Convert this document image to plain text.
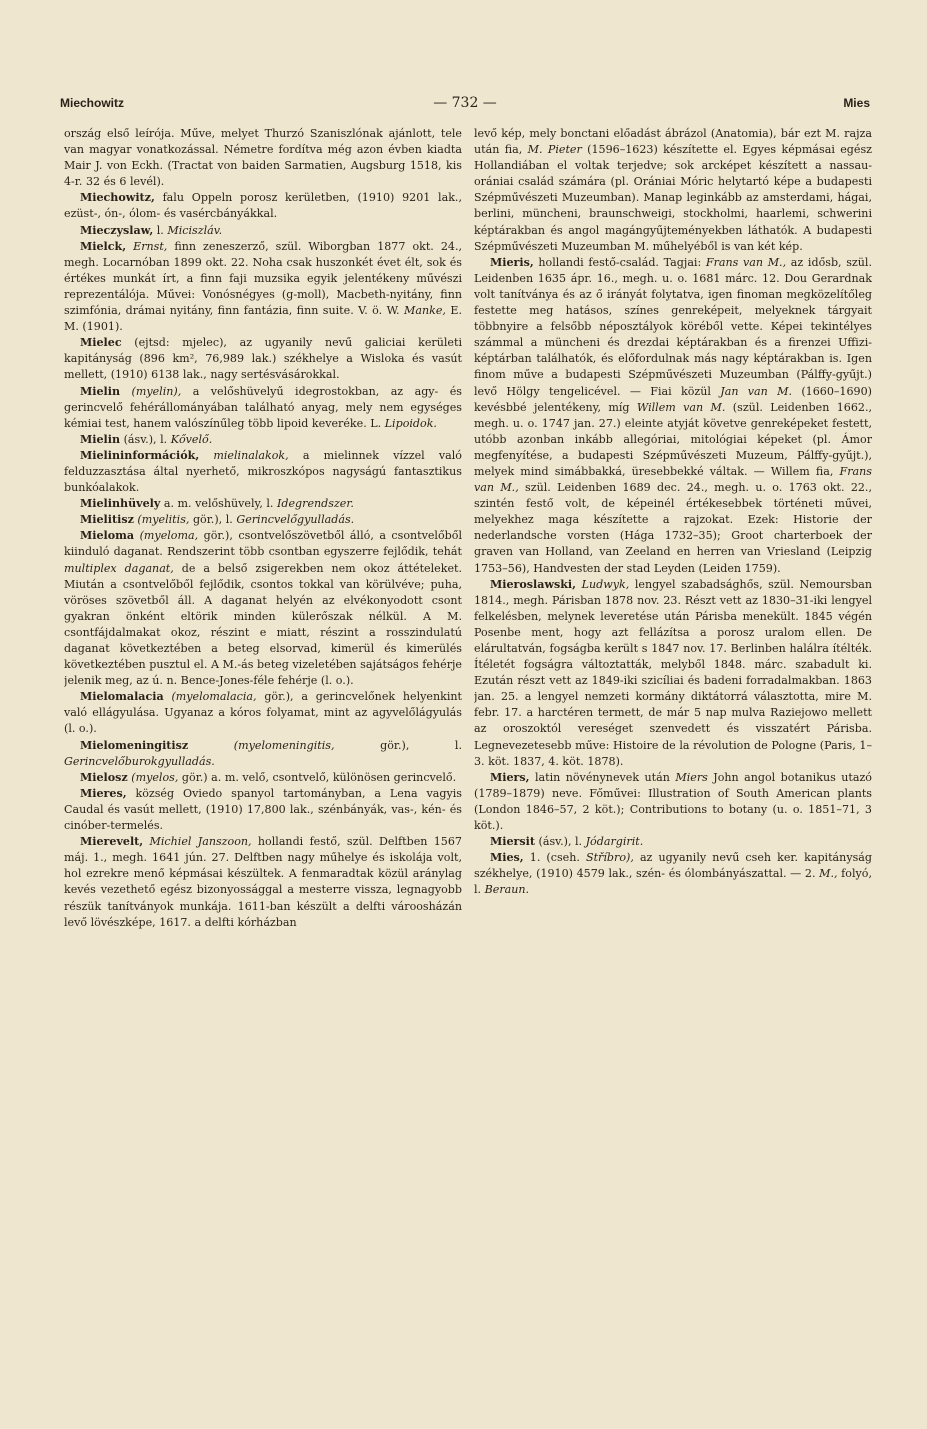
Miechowitz	— 732 —	Mies

ország első leírója. Műve, melyet Thurzó Szaniszlónak ajánlott, tele van magyar vonatkozással. Németre fordítva még azon évben kiadta Mair J. von Eckh. (Tractat von baiden Sarmatien, Augsburg 1518, kis 4-r. 32 és 6 levél).

Miechowitz, falu Oppeln porosz kerületben, (1910) 9201 lak., ezüst-, ón-, ólom- és vasércbányákkal.

Mieczyslaw, l. Miciszláv.

Mielck, Ernst, finn zeneszerző, szül. Wiborgban 1877 okt. 24., megh. Locarnóban 1899 okt. 22. Noha csak huszonkét évet élt, sok és értékes munkát írt, a finn faji muzsika egyik jelentékeny művészi reprezentálója. Művei: Vonósnégyes (g-moll), Macbeth-nyitány, finn szimfónia, drámai nyitány, finn fantázia, finn suite. V. ö. W. Manke, E. M. (1901).

Mielec (ejtsd: mjelec), az ugyanily nevű galiciai kerületi kapitányság (896 km², 76,989 lak.) székhelye a Wisloka és vasút mellett, (1910) 6138 lak., nagy sertésvásárokkal.

Mielin (myelin), a velőshüvelyű idegrostokban, az agy- és gerincvelő fehérállományában található anyag, mely nem egységes kémiai test, hanem valószínűleg több lipoid keveréke. L. Lipoidok.

Mielin (ásv.), l. Kővelő.

Mielininformációk, mielinalakok, a mielinnek vízzel való felduzzasztása által nyerhető, mikroszkópos nagyságú fantasztikus bunkóalakok.

Mielinhüvely a. m. velőshüvely, l. Idegrendszer.

Mielitisz (myelitis, gör.), l. Gerincvelőgyulladás.

Mieloma (myeloma, gör.), csontvelőszövetből álló, a csontvelőből kiinduló daganat. Rendszerint több csontban egyszerre fejlődik, tehát multiplex daganat, de a belső zsigerekben nem okoz áttételeket. Miután a csontvelőből fejlődik, csontos tokkal van körülvéve; puha, vöröses szövetből áll. A daganat helyén az elvékonyodott csont gyakran önként eltörik minden külerőszak nélkül. A M. csontfájdalmakat okoz, részint e miatt, részint a rosszindulatú daganat következtében a beteg elsorvad, kimerül és kimerülés következtében pusztul el. A M.-ás beteg vizeletében sajátságos fehérje jelenik meg, az ú. n. Bence-Jones-féle fehérje (l. o.).

Mielomalacia (myelomalacia, gör.), a gerincvelőnek helyenkint való ellágyulása. Ugyanaz a kóros folyamat, mint az agyvelőlágyulás (l. o.).

Mielomeningitisz	(myelomeningitis, gör.), l. Gerincvelőburokgyulladás.

Mielosz (myelos, gör.) a. m. velő, csontvelő, különösen gerincvelő.

Mieres, község Oviedo spanyol tartományban, a Lena vagyis Caudal és vasút mellett, (1910) 17,800 lak., szénbányák, vas-, kén- és cinóber-termelés.

Mierevelt, Michiel Janszoon, hollandi festő, szül. Delftben 1567 máj. 1., megh. 1641 jún. 27. Delftben nagy műhelye és iskolája volt, hol ezrekre menő képmásai készültek. A fenmaradtak közül aránylag kevés vezethető egész bizonyossággal a mesterre vissza, legnagyobb részük tanítványok munkája. 1611-ban készült a delfti vároosházán levő lövészképe, 1617. a delfti kórházban

levő kép, mely bonctani előadást ábrázol (Anatomia), bár ezt M. rajza után fia, M. Pieter (1596–1623) készítette el. Egyes képmásai egész Hollandiában el voltak terjedve; sok arcképet készített a nassau-orániai család számára (pl. Orániai Móric helytartó képe a budapesti Szépművészeti Muzeumban). Manap leginkább az amsterdami, hágai, berlini, müncheni, braunschweigi, stockholmi, haarlemi, schwerini képtárakban és angol magángyűjteményekben láthatók. A budapesti Szépművészeti Muzeumban M. műhelyéből is van két kép.

Mieris, hollandi festő-család. Tagjai: Frans van M., az idősb, szül. Leidenben 1635 ápr. 16., megh. u. o. 1681 márc. 12. Dou Gerardnak volt tanítványa és az ő irányát folytatva, igen finoman megközelítőleg festette meg hatásos, színes genreképeit, melyeknek tárgyait többnyire a felsőbb néposztályok köréből vette. Képei tekintélyes számmal a müncheni és drezdai képtárakban és a firenzei Uffizi-képtárban találhatók, és előfordulnak más nagy képtárakban is. Igen finom műve a budapesti Szépművészeti Muzeumban (Pálffy-gyűjt.) levő Hölgy tengelicével. — Fiai közül Jan van M. (1660–1690) kevésbbé jelentékeny, míg Willem van M. (szül. Leidenben 1662., megh. u. o. 1747 jan. 27.) eleinte atyját követve genreképeket festett, utóbb azonban inkább allegóriai, mitológiai képeket (pl. Ámor megfenyítése, a budapesti Szépművészeti Muzeum, Pálffy-gyűjt.), melyek mind simábbakká, üresebbekké váltak. — Willem fia, Frans van M., szül. Leidenben 1689 dec. 24., megh. u. o. 1763 okt. 22., szintén festő volt, de képeinél értékesebbek történeti művei, melyekhez maga készítette a rajzokat. Ezek: Historie der nederlandsche vorsten (Hága 1732–35); Groot charterboek der graven van Holland, van Zeeland en herren van Vriesland (Leipzig 1753–56), Handvesten der stad Leyden (Leiden 1759).

Mieroslawski, Ludwyk, lengyel szabadsághős, szül. Nemoursban 1814., megh. Párisban 1878 nov. 23. Részt vett az 1830–31-iki lengyel felkelésben, melynek leveretése után Párisba menekült. 1845 végén Posenbe ment, hogy azt fellázítsa a porosz uralom ellen. De elárultatván, fogságba került s 1847 nov. 17. Berlinben halálra ítélték. Ítéletét fogságra változtatták, melyből 1848. márc. szabadult ki. Ezután részt vett az 1849-iki szicíliai és badeni forradalmakban. 1863 jan. 25. a lengyel nemzeti kormány diktátorrá választotta, mire M. febr. 17. a harctéren termett, de már 5 nap mulva Raziejowo mellett az oroszoktól vereséget szenvedett és visszatért Párisba. Legnevezetesebb műve: Histoire de la révolution de Pologne (Paris, 1–3. köt. 1837, 4. köt. 1878).

Miers, latin növénynevek után Miers John angol botanikus utazó (1789–1879) neve. Főművei: Illustration of South American plants (London 1846–57, 2 köt.); Contributions to botany (u. o. 1851–71, 3 köt.).

Miersit (ásv.), l. Jódargirit.

Mies, 1. (cseh. Stříbro), az ugyanily nevű cseh ker. kapitányság székhelye, (1910) 4579 lak., szén- és ólombányászattal. — 2. M., folyó, l. Beraun.
